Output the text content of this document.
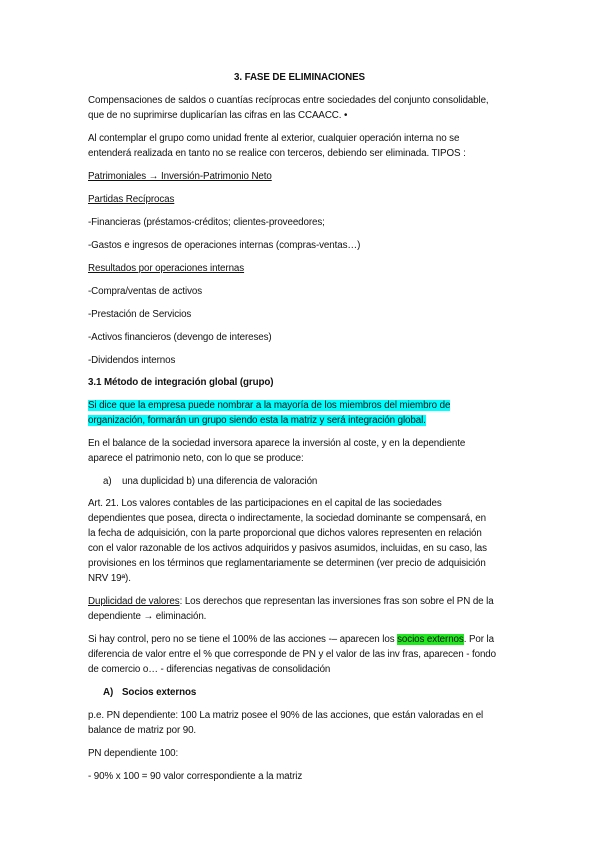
3. FASE DE ELIMINACIONES
Compensaciones de saldos o cuantías recíprocas entre sociedades del conjunto consolidable,
que de no suprimirse duplicarían las cifras en las CCAACC. •
Al contemplar el grupo como unidad frente al exterior, cualquier operación interna no se
entenderá realizada en tanto no se realice con terceros, debiendo ser eliminada. TIPOS :
Patrimoniales → Inversión-Patrimonio Neto
Partidas Recíprocas
-Financieras (préstamos-créditos; clientes-proveedores;
-Gastos e ingresos de operaciones internas (compras-ventas…)
Resultados por operaciones internas
-Compra/ventas de activos
-Prestación de Servicios
-Activos financieros (devengo de intereses)
-Dividendos internos
3.1 Método de integración global (grupo)
Si dice que la empresa puede nombrar a la mayoría de los miembros del miembro de
organización, formarán un grupo siendo esta la matriz y será integración global.
En el balance de la sociedad inversora aparece la inversión al coste, y en la dependiente
aparece el patrimonio neto, con lo que se produce:
a) una duplicidad b) una diferencia de valoración
Art. 21. Los valores contables de las participaciones en el capital de las sociedades
dependientes que posea, directa o indirectamente, la sociedad dominante se compensará, en
la fecha de adquisición, con la parte proporcional que dichos valores representen en relación
con el valor razonable de los activos adquiridos y pasivos asumidos, incluidas, en su caso, las
provisiones en los términos que reglamentariamente se determinen (ver precio de adquisición
NRV 19ª).
Duplicidad de valores: Los derechos que representan las inversiones fras son sobre el PN de la
dependiente → eliminación.
Si hay control, pero no se tiene el 100% de las acciones -– aparecen los socios externos. Por la
diferencia de valor entre el % que corresponde de PN y el valor de las inv fras, aparecen - fondo
de comercio o… - diferencias negativas de consolidación
A) Socios externos
p.e. PN dependiente: 100 La matriz posee el 90% de las acciones, que están valoradas en el
balance de matriz por 90.
PN dependiente 100:
- 90% x 100 = 90 valor correspondiente a la matriz
